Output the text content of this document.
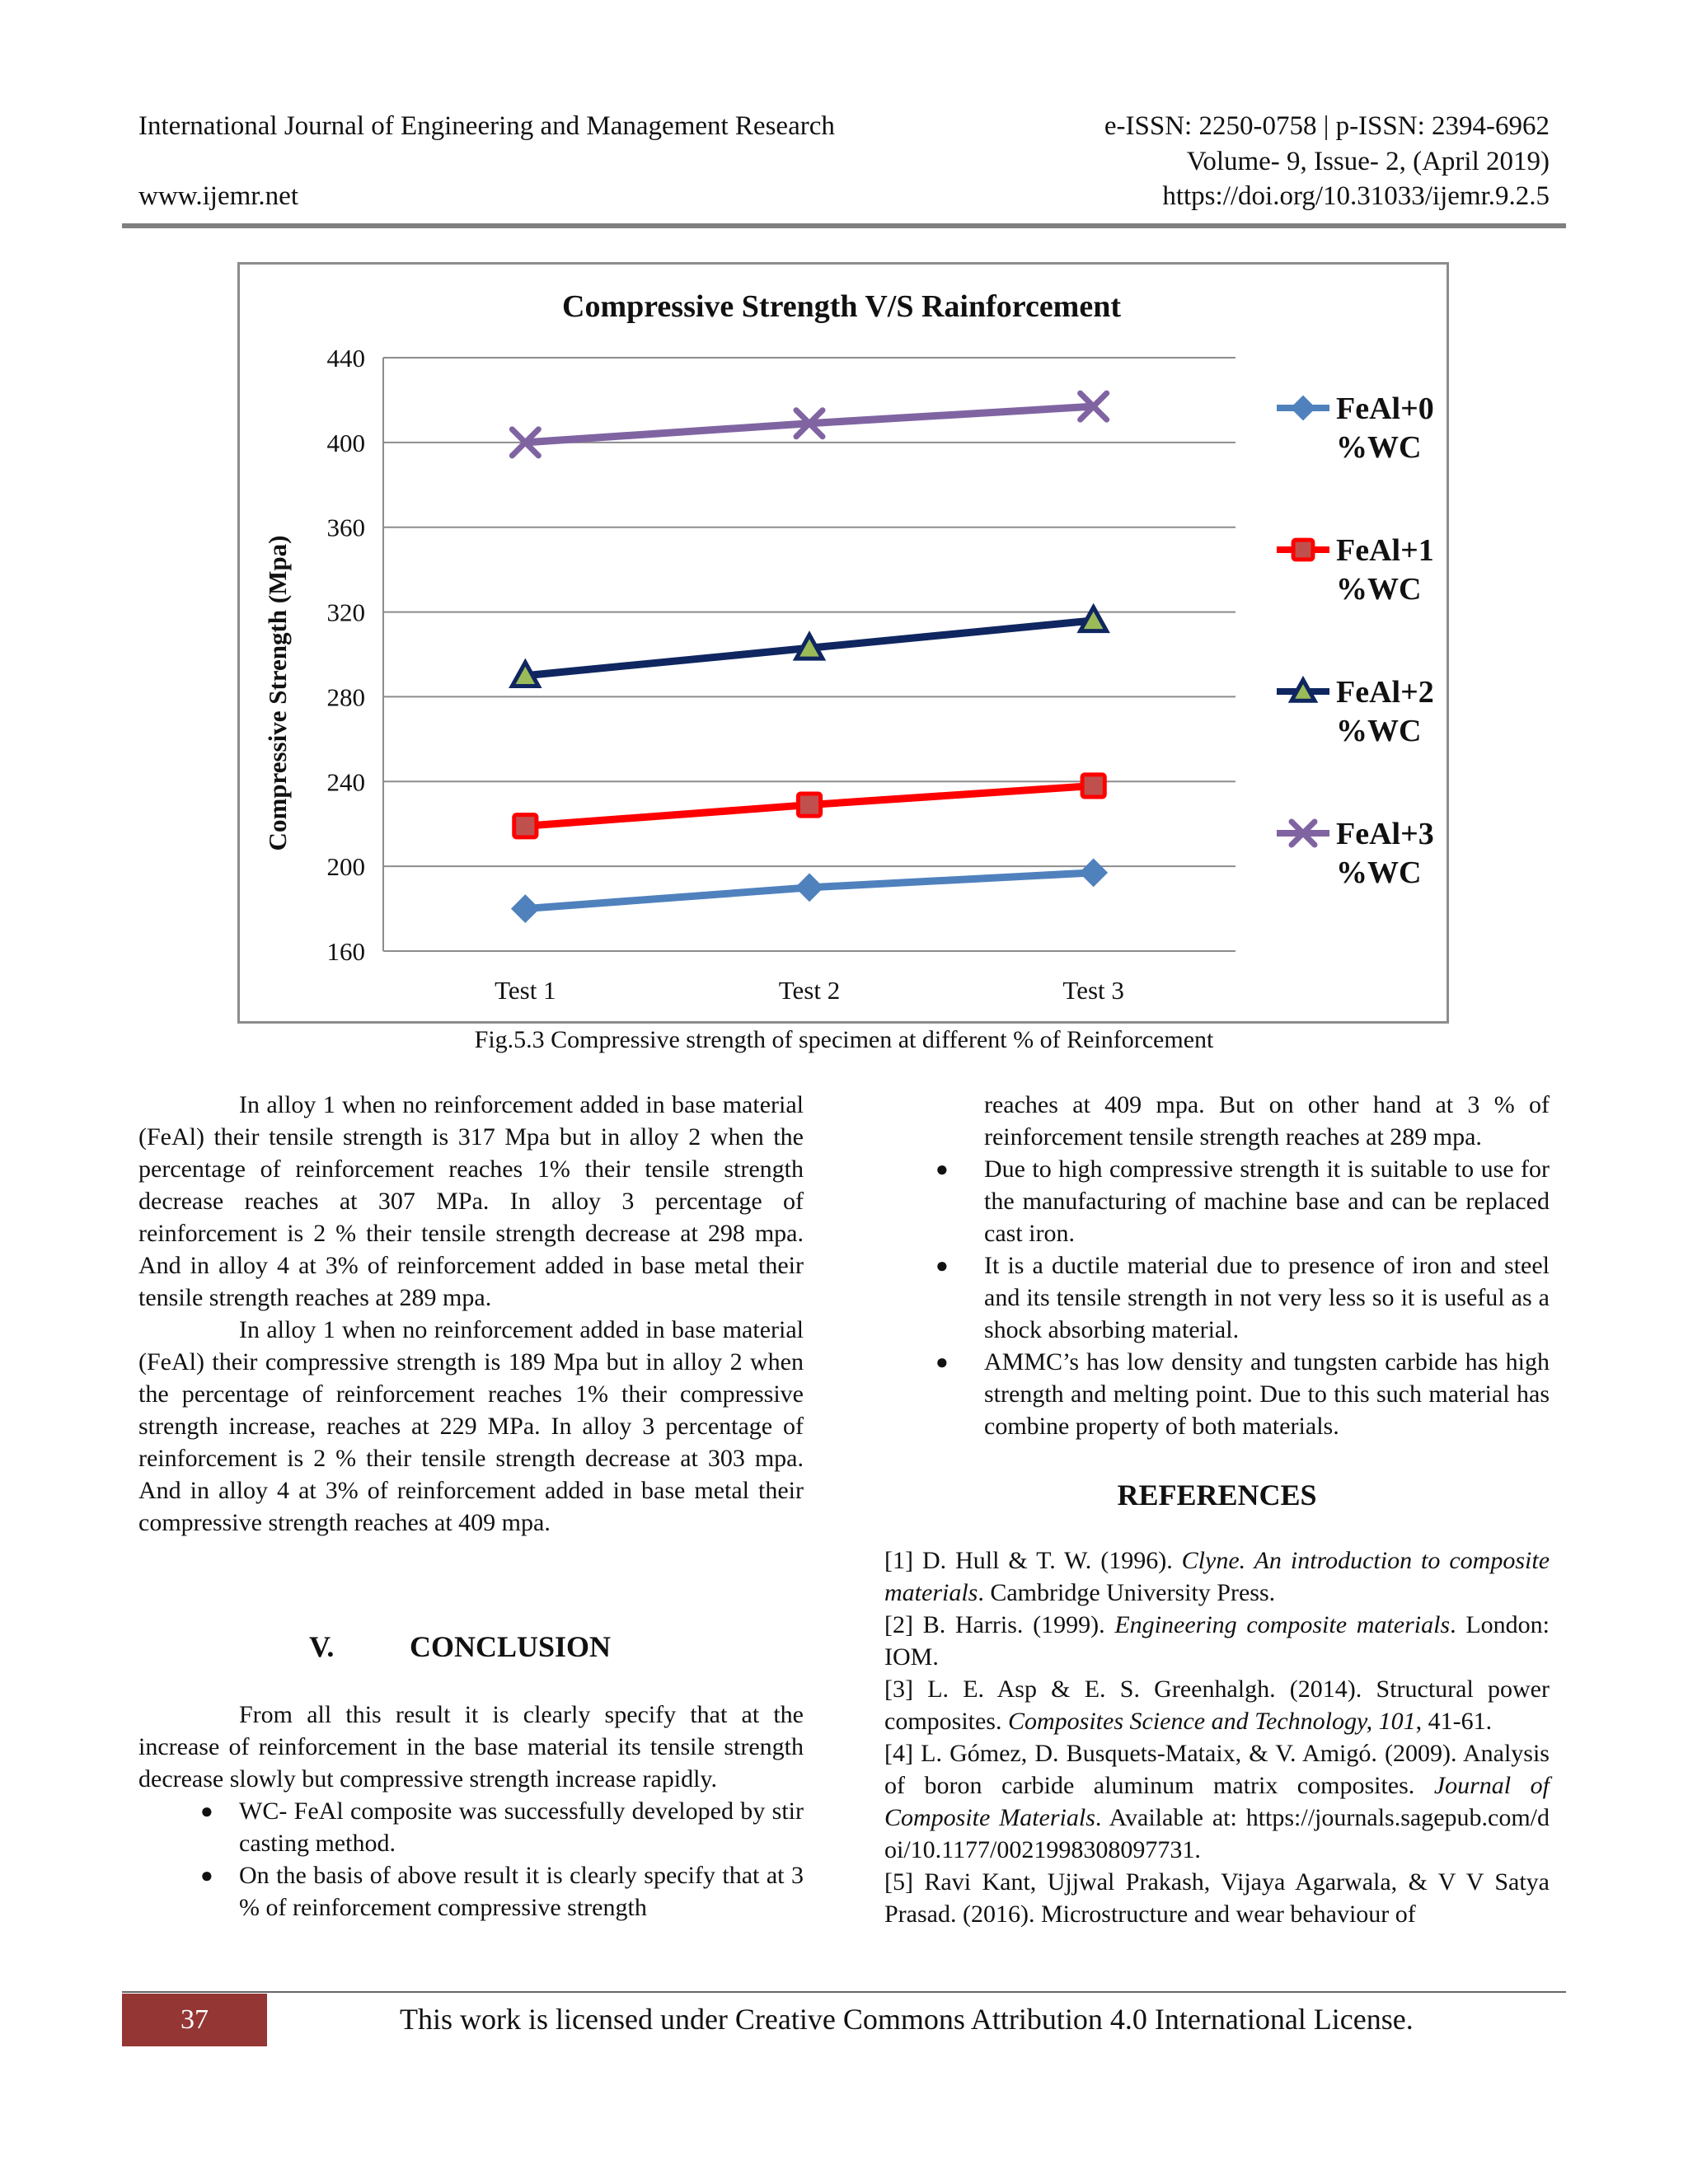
International Journal of Engineering and Management Research	e-ISSN: 2250-0758 | p-ISSN: 2394-6962
Volume- 9, Issue- 2, (April 2019)
www.ijemr.net	https://doi.org/10.31033/ijemr.9.2.5
Compressive Strength V/S Rainforcement
Compressive Strength (Mpa)
160
200
240
280
320
360
400
440
Test 1	Test 2	Test 3
FeAl+0
%WC
FeAl+1
%WC
FeAl+2
%WC
FeAl+3
%WC
Fig.5.3 Compressive strength of specimen at different % of Reinforcement

In alloy 1 when no reinforcement added in base material (FeAl) their tensile strength is 317 Mpa but in alloy 2 when the percentage of reinforcement reaches 1% their tensile strength decrease reaches at 307 MPa. In alloy 3 percentage of reinforcement is 2 % their tensile strength decrease at 298 mpa. And in alloy 4 at 3% of reinforcement added in base metal their tensile strength reaches at 289 mpa.

In alloy 1 when no reinforcement added in base material (FeAl) their compressive strength is 189 Mpa but in alloy 2 when the percentage of reinforcement reaches 1% their compressive strength increase, reaches at 229 MPa. In alloy 3 percentage of reinforcement is 2 % their tensile strength decrease at 303 mpa. And in alloy 4 at 3% of reinforcement added in base metal their compressive strength reaches at 409 mpa.

V.	CONCLUSION

From all this result it is clearly specify that at the increase of reinforcement in the base material its tensile strength decrease slowly but compressive strength increase rapidly.

● WC- FeAl composite was successfully developed by stir casting method.
● On the basis of above result it is clearly specify that at 3 % of reinforcement compressive strength
reaches at 409 mpa. But on other hand at 3 % of reinforcement tensile strength reaches at 289 mpa.
● Due to high compressive strength it is suitable to use for the manufacturing of machine base and can be replaced cast iron.
● It is a ductile material due to presence of iron and steel and its tensile strength in not very less so it is useful as a shock absorbing material.
● AMMC’s has low density and tungsten carbide has high strength and melting point. Due to this such material has combine property of both materials.
REFERENCES

[1] D. Hull & T. W. (1996). Clyne. An introduction to composite materials. Cambridge University Press.

[2] B. Harris. (1999). Engineering composite materials. London: IOM.

[3] L. E. Asp & E. S. Greenhalgh. (2014). Structural power composites. Composites Science and Technology, 101, 41-61.

[4] L. Gómez, D. Busquets-Mataix, & V. Amigó. (2009). Analysis of boron carbide aluminum matrix composites. Journal of Composite Materials. Available at: https://journals.sagepub.com/doi/10.1177/0021998308097731.

[5] Ravi Kant, Ujjwal Prakash, Vijaya Agarwala, & V V Satya Prasad. (2016). Microstructure and wear behaviour of

37	This work is licensed under Creative Commons Attribution 4.0 International License.
